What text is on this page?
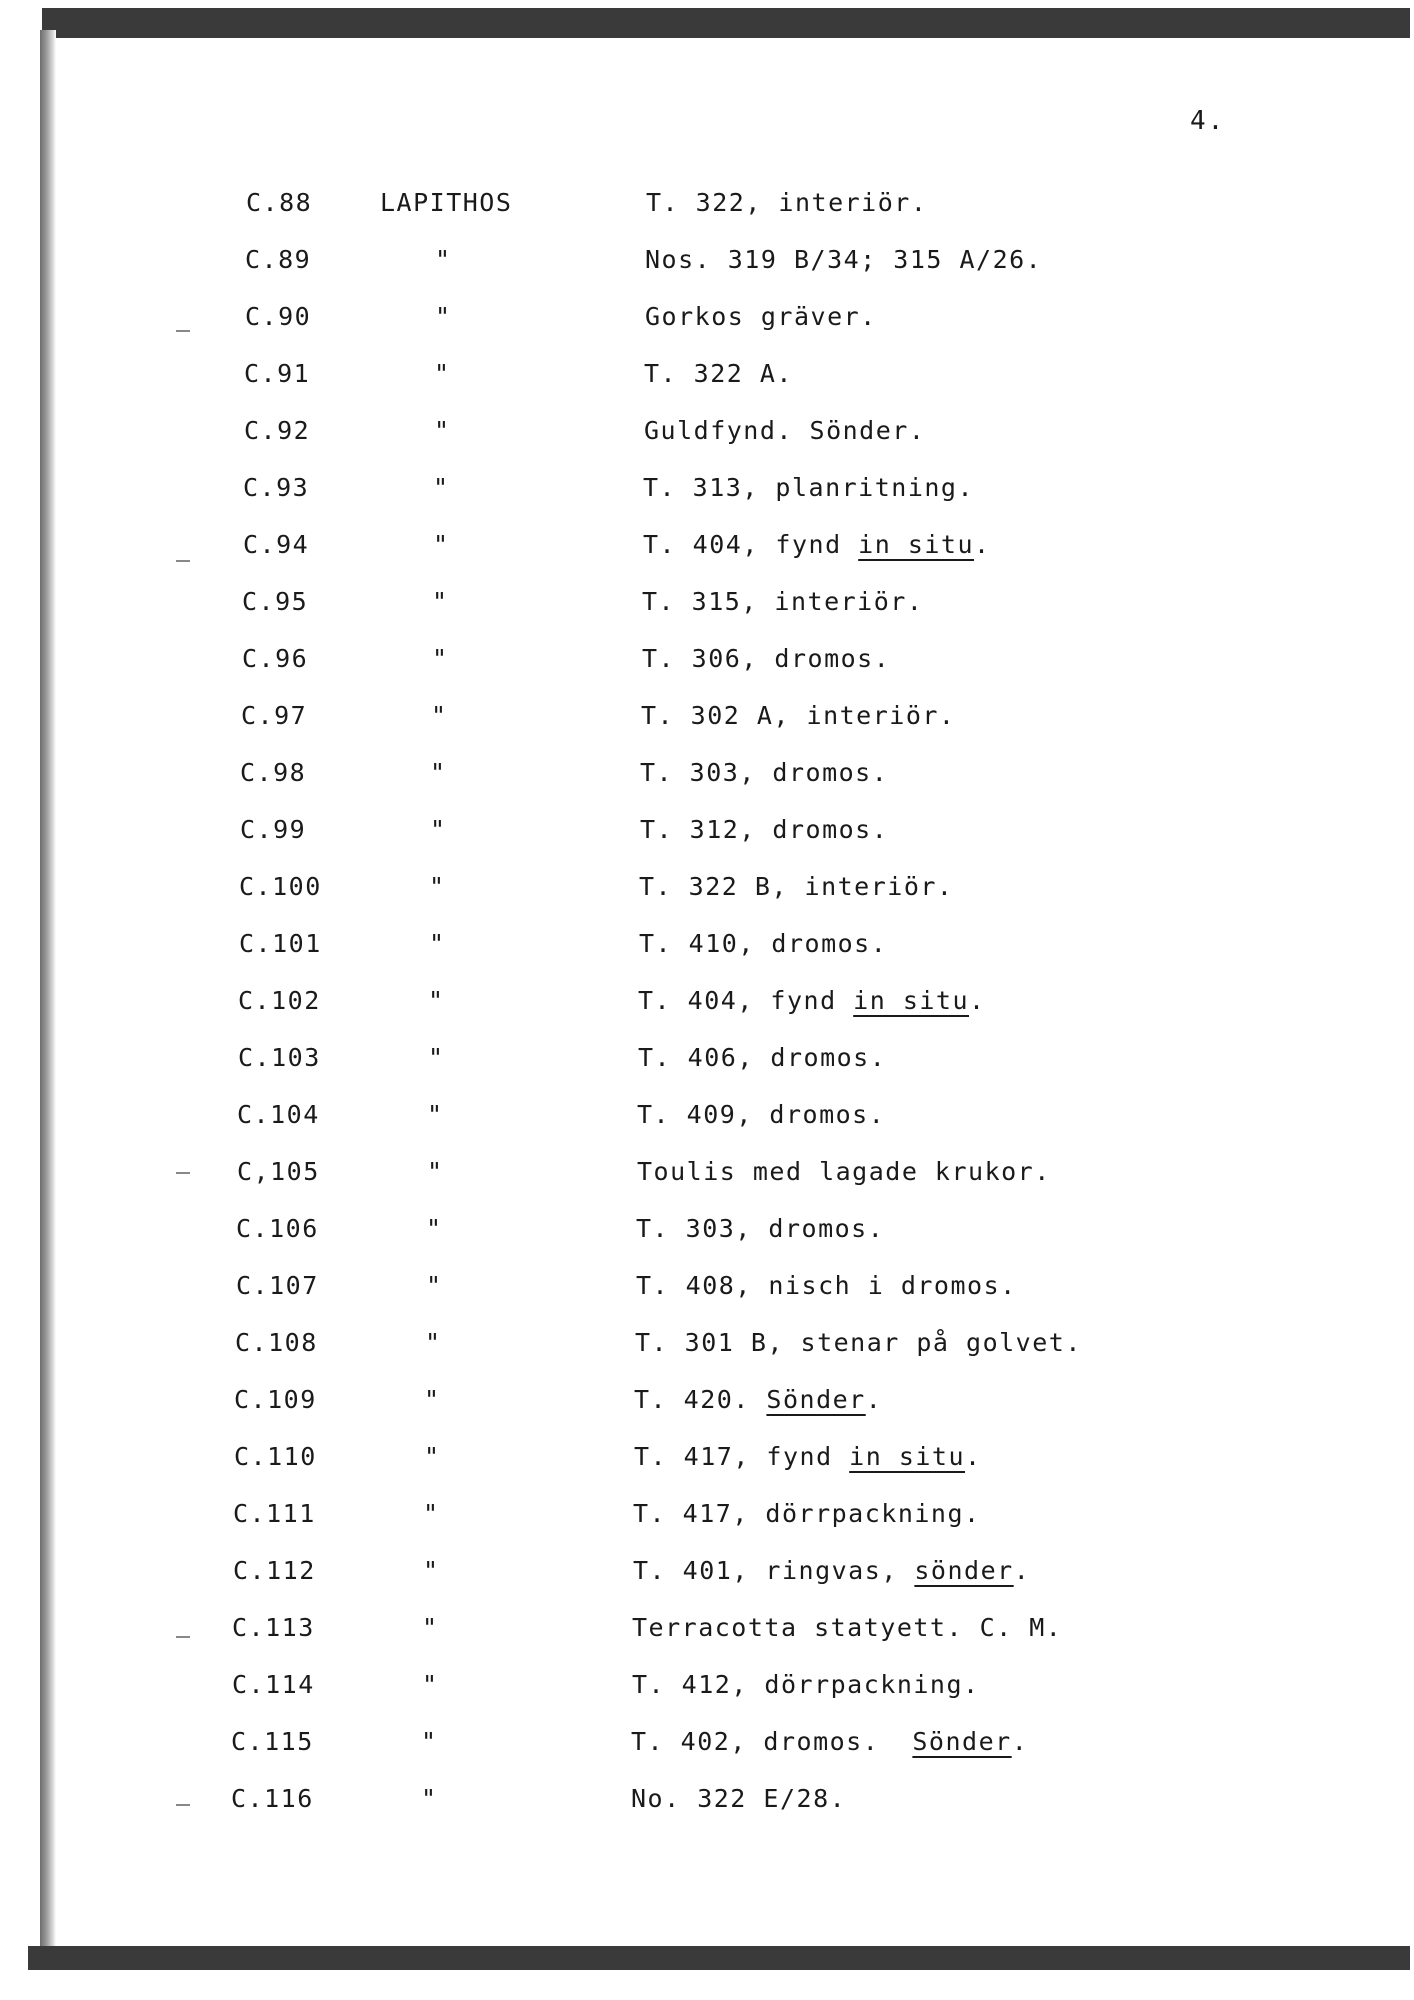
4.
C.88	LAPITHOS	T. 322, interiör.
C.89	"	Nos. 319 B/34; 315 A/26.
C.90	"	Gorkos gräver.
C.91	"	T. 322 A.
C.92	"	Guldfynd. Sönder.
C.93	"	T. 313, planritning.
C.94	"	T. 404, fynd in situ.
C.95	"	T. 315, interiör.
C.96	"	T. 306, dromos.
C.97	"	T. 302 A, interiör.
C.98	"	T. 303, dromos.
C.99	"	T. 312, dromos.
C.100	"	T. 322 B, interiör.
C.101	"	T. 410, dromos.
C.102	"	T. 404, fynd in situ.
C.103	"	T. 406, dromos.
C.104	"	T. 409, dromos.
C,105	"	Toulis med lagade krukor.
C.106	"	T. 303, dromos.
C.107	"	T. 408, nisch i dromos.
C.108	"	T. 301 B, stenar på golvet.
C.109	"	T. 420. Sönder.
C.110	"	T. 417, fynd in situ.
C.111	"	T. 417, dörrpackning.
C.112	"	T. 401, ringvas, sönder.
C.113	"	Terracotta statyett. C. M.
C.114	"	T. 412, dörrpackning.
C.115	"	T. 402, dromos.  Sönder.
C.116	"	No. 322 E/28.
